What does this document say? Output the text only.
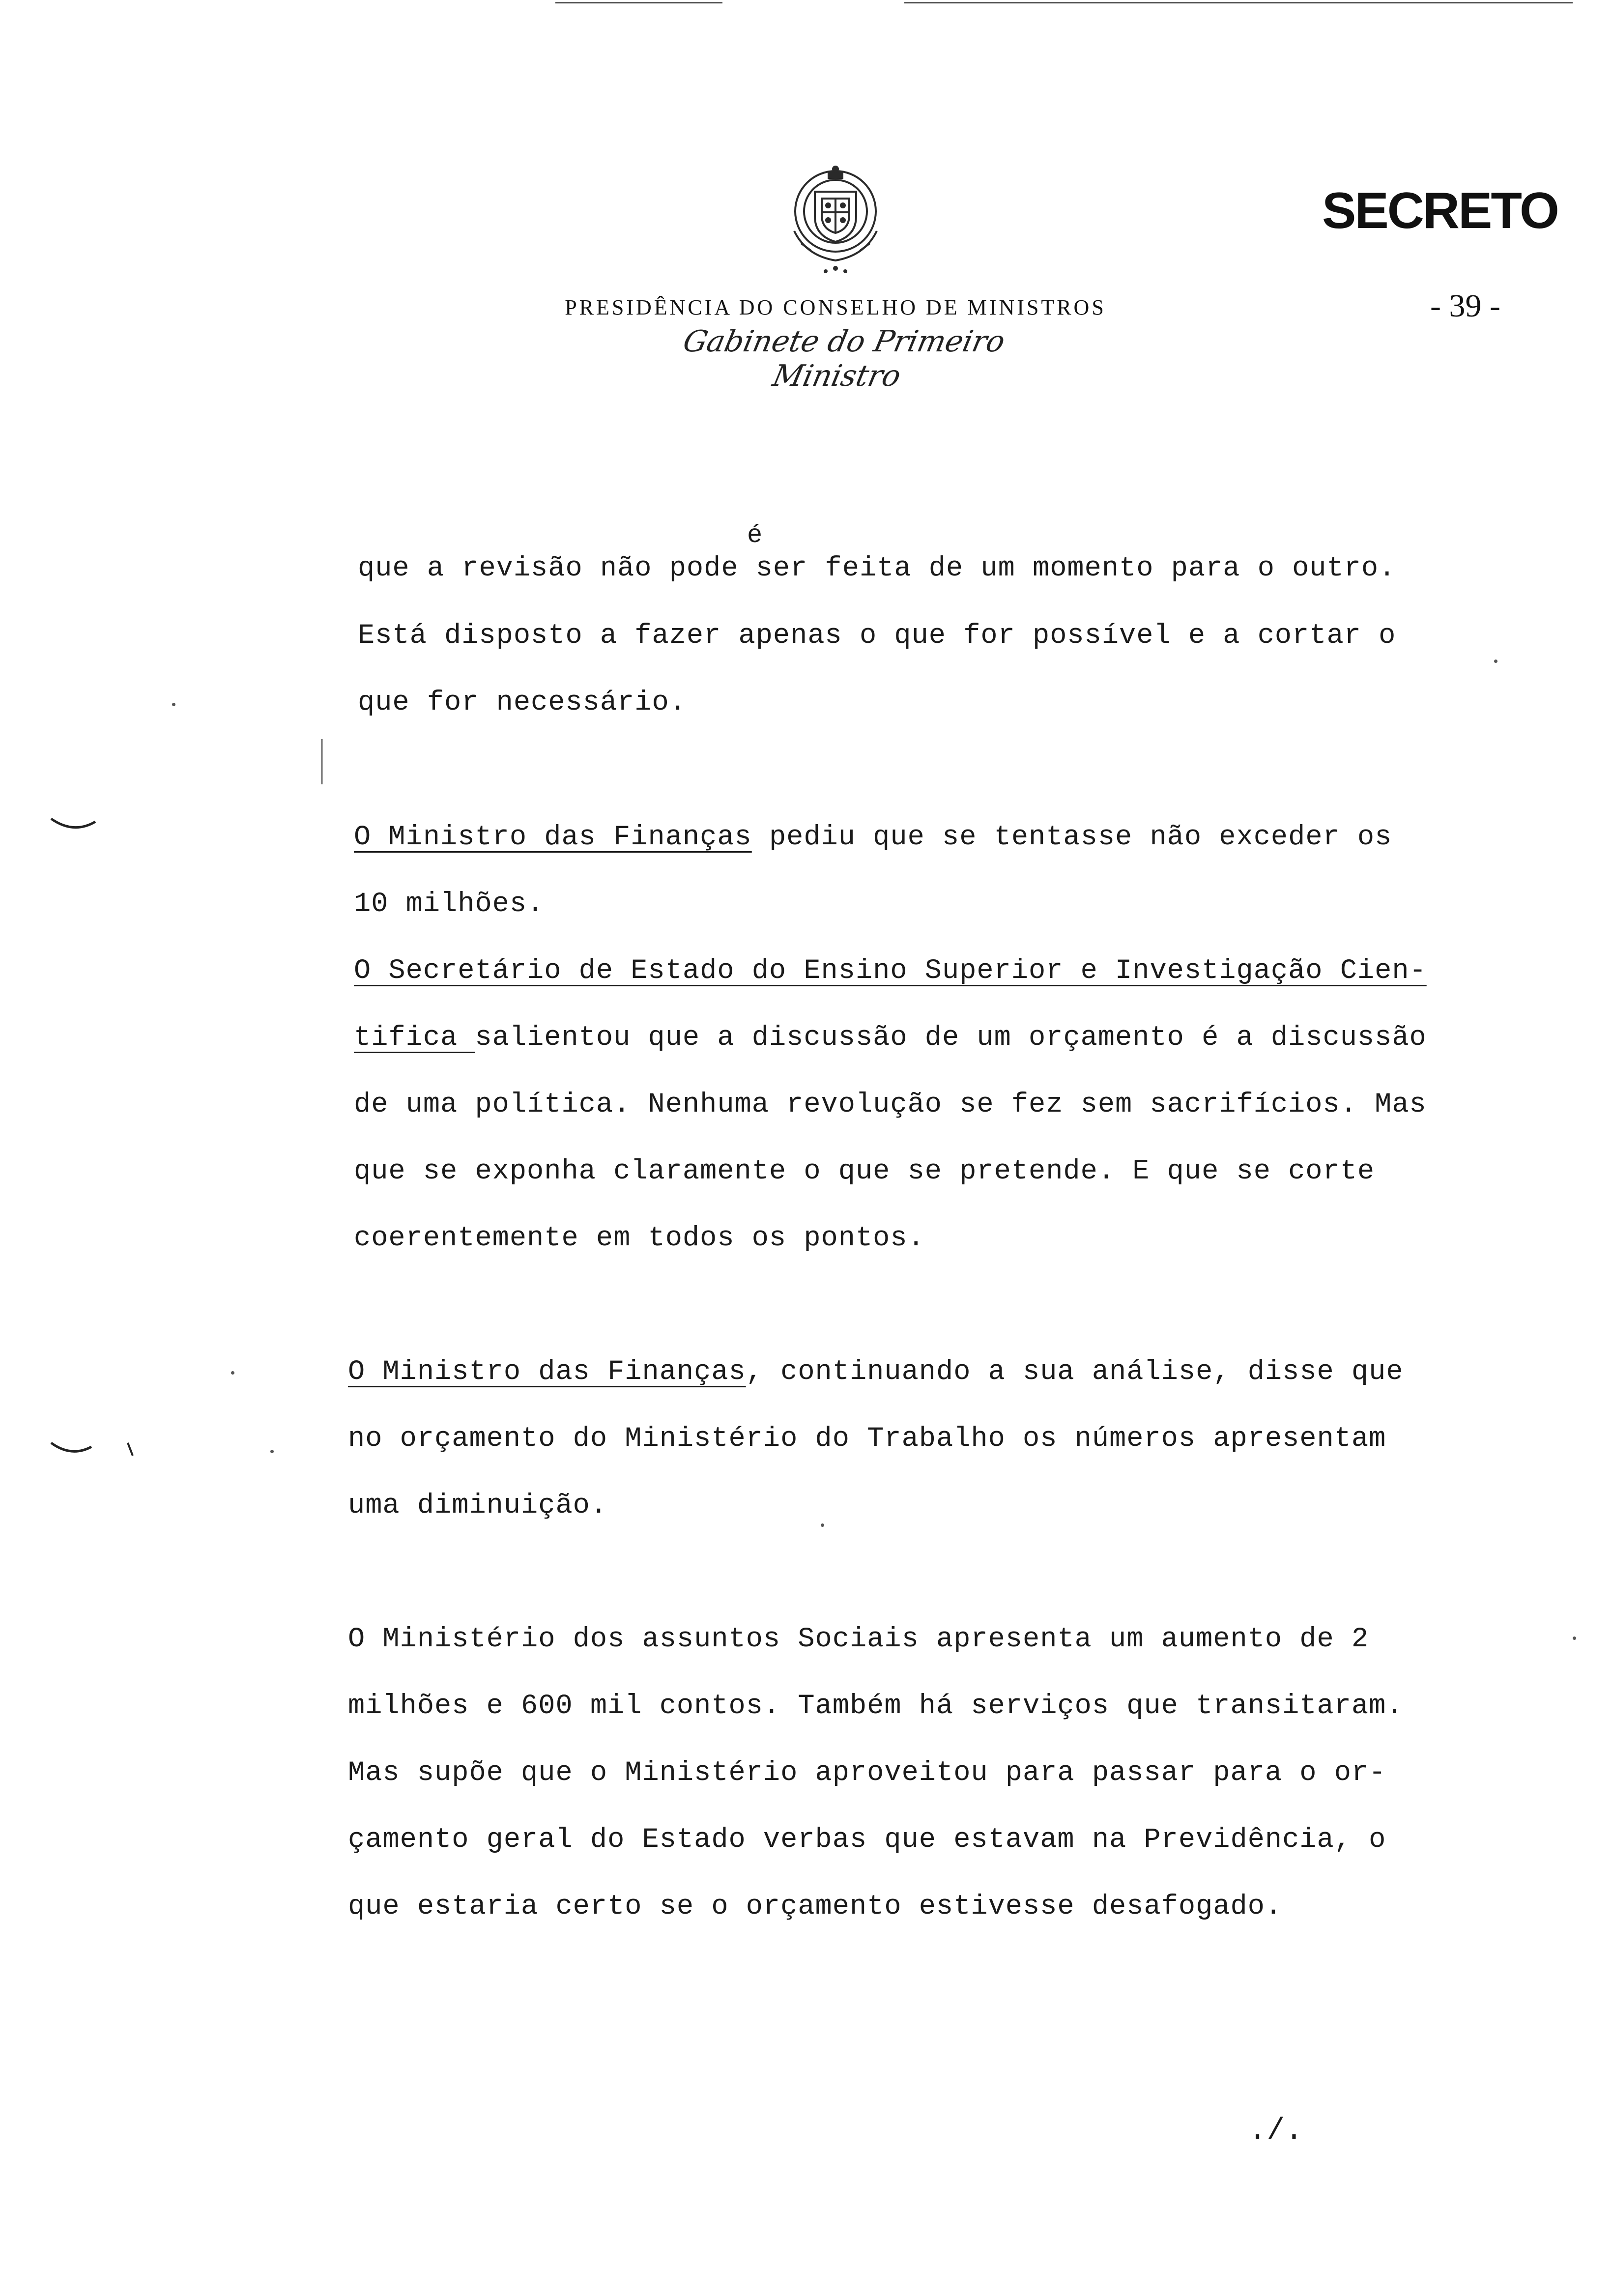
SECRETO
PRESIDÊNCIA DO CONSELHO DE MINISTROS	- 39 -
Gabinete do Primeiro Ministro
é
que a revisão não pode ser feita de um momento para o outro.
Está disposto a fazer apenas o que for possível e a cortar o
que for necessário.
O Ministro das Finanças pediu que se tentasse não exceder os
10 milhões.
O Secretário de Estado do Ensino Superior e Investigação Cien-
tifica salientou que a discussão de um orçamento é a discussão
de uma política. Nenhuma revolução se fez sem sacrifícios. Mas
que se exponha claramente o que se pretende. E que se corte
coerentemente em todos os pontos.
O Ministro das Finanças, continuando a sua análise, disse que
no orçamento do Ministério do Trabalho os números apresentam
uma diminuição.
O Ministério dos assuntos Sociais apresenta um aumento de 2
milhões e 600 mil contos. Também há serviços que transitaram.
Mas supõe que o Ministério aproveitou para passar para o or-
çamento geral do Estado verbas que estavam na Previdência, o
que estaria certo se o orçamento estivesse desafogado.
./.
